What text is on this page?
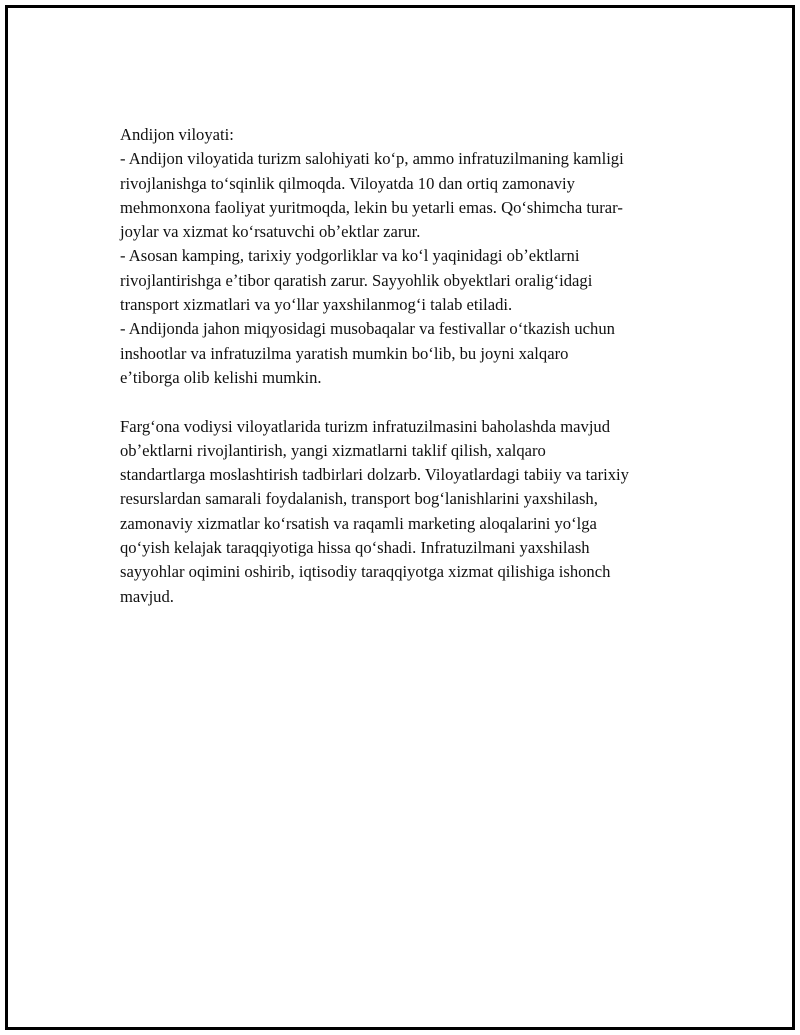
Andijon viloyati:
- Andijon viloyatida turizm salohiyati koʻp, ammo infratuzilmaning kamligi
rivojlanishga toʻsqinlik qilmoqda. Viloyatda 10 dan ortiq zamonaviy
mehmonxona faoliyat yuritmoqda, lekin bu yetarli emas. Qoʻshimcha turar-
joylar va xizmat koʻrsatuvchi obʼektlar zarur.
- Asosan kamping, tarixiy yodgorliklar va koʻl yaqinidagi obʼektlarni
rivojlantirishga eʼtibor qaratish zarur. Sayyohlik obyektlari oraligʻidagi
transport xizmatlari va yoʻllar yaxshilanmogʻi talab etiladi.
- Andijonda jahon miqyosidagi musobaqalar va festivallar oʻtkazish uchun
inshootlar va infratuzilma yaratish mumkin boʻlib, bu joyni xalqaro
eʼtiborga olib kelishi mumkin.
Fargʻona vodiysi viloyatlarida turizm infratuzilmasini baholashda mavjud
obʼektlarni rivojlantirish, yangi xizmatlarni taklif qilish, xalqaro
standartlarga moslashtirish tadbirlari dolzarb. Viloyatlardagi tabiiy va tarixiy
resurslardan samarali foydalanish, transport bogʻlanishlarini yaxshilash,
zamonaviy xizmatlar koʻrsatish va raqamli marketing aloqalarini yoʻlga
qoʻyish kelajak taraqqiyotiga hissa qoʻshadi. Infratuzilmani yaxshilash
sayyohlar oqimini oshirib, iqtisodiy taraqqiyotga xizmat qilishiga ishonch
mavjud.
